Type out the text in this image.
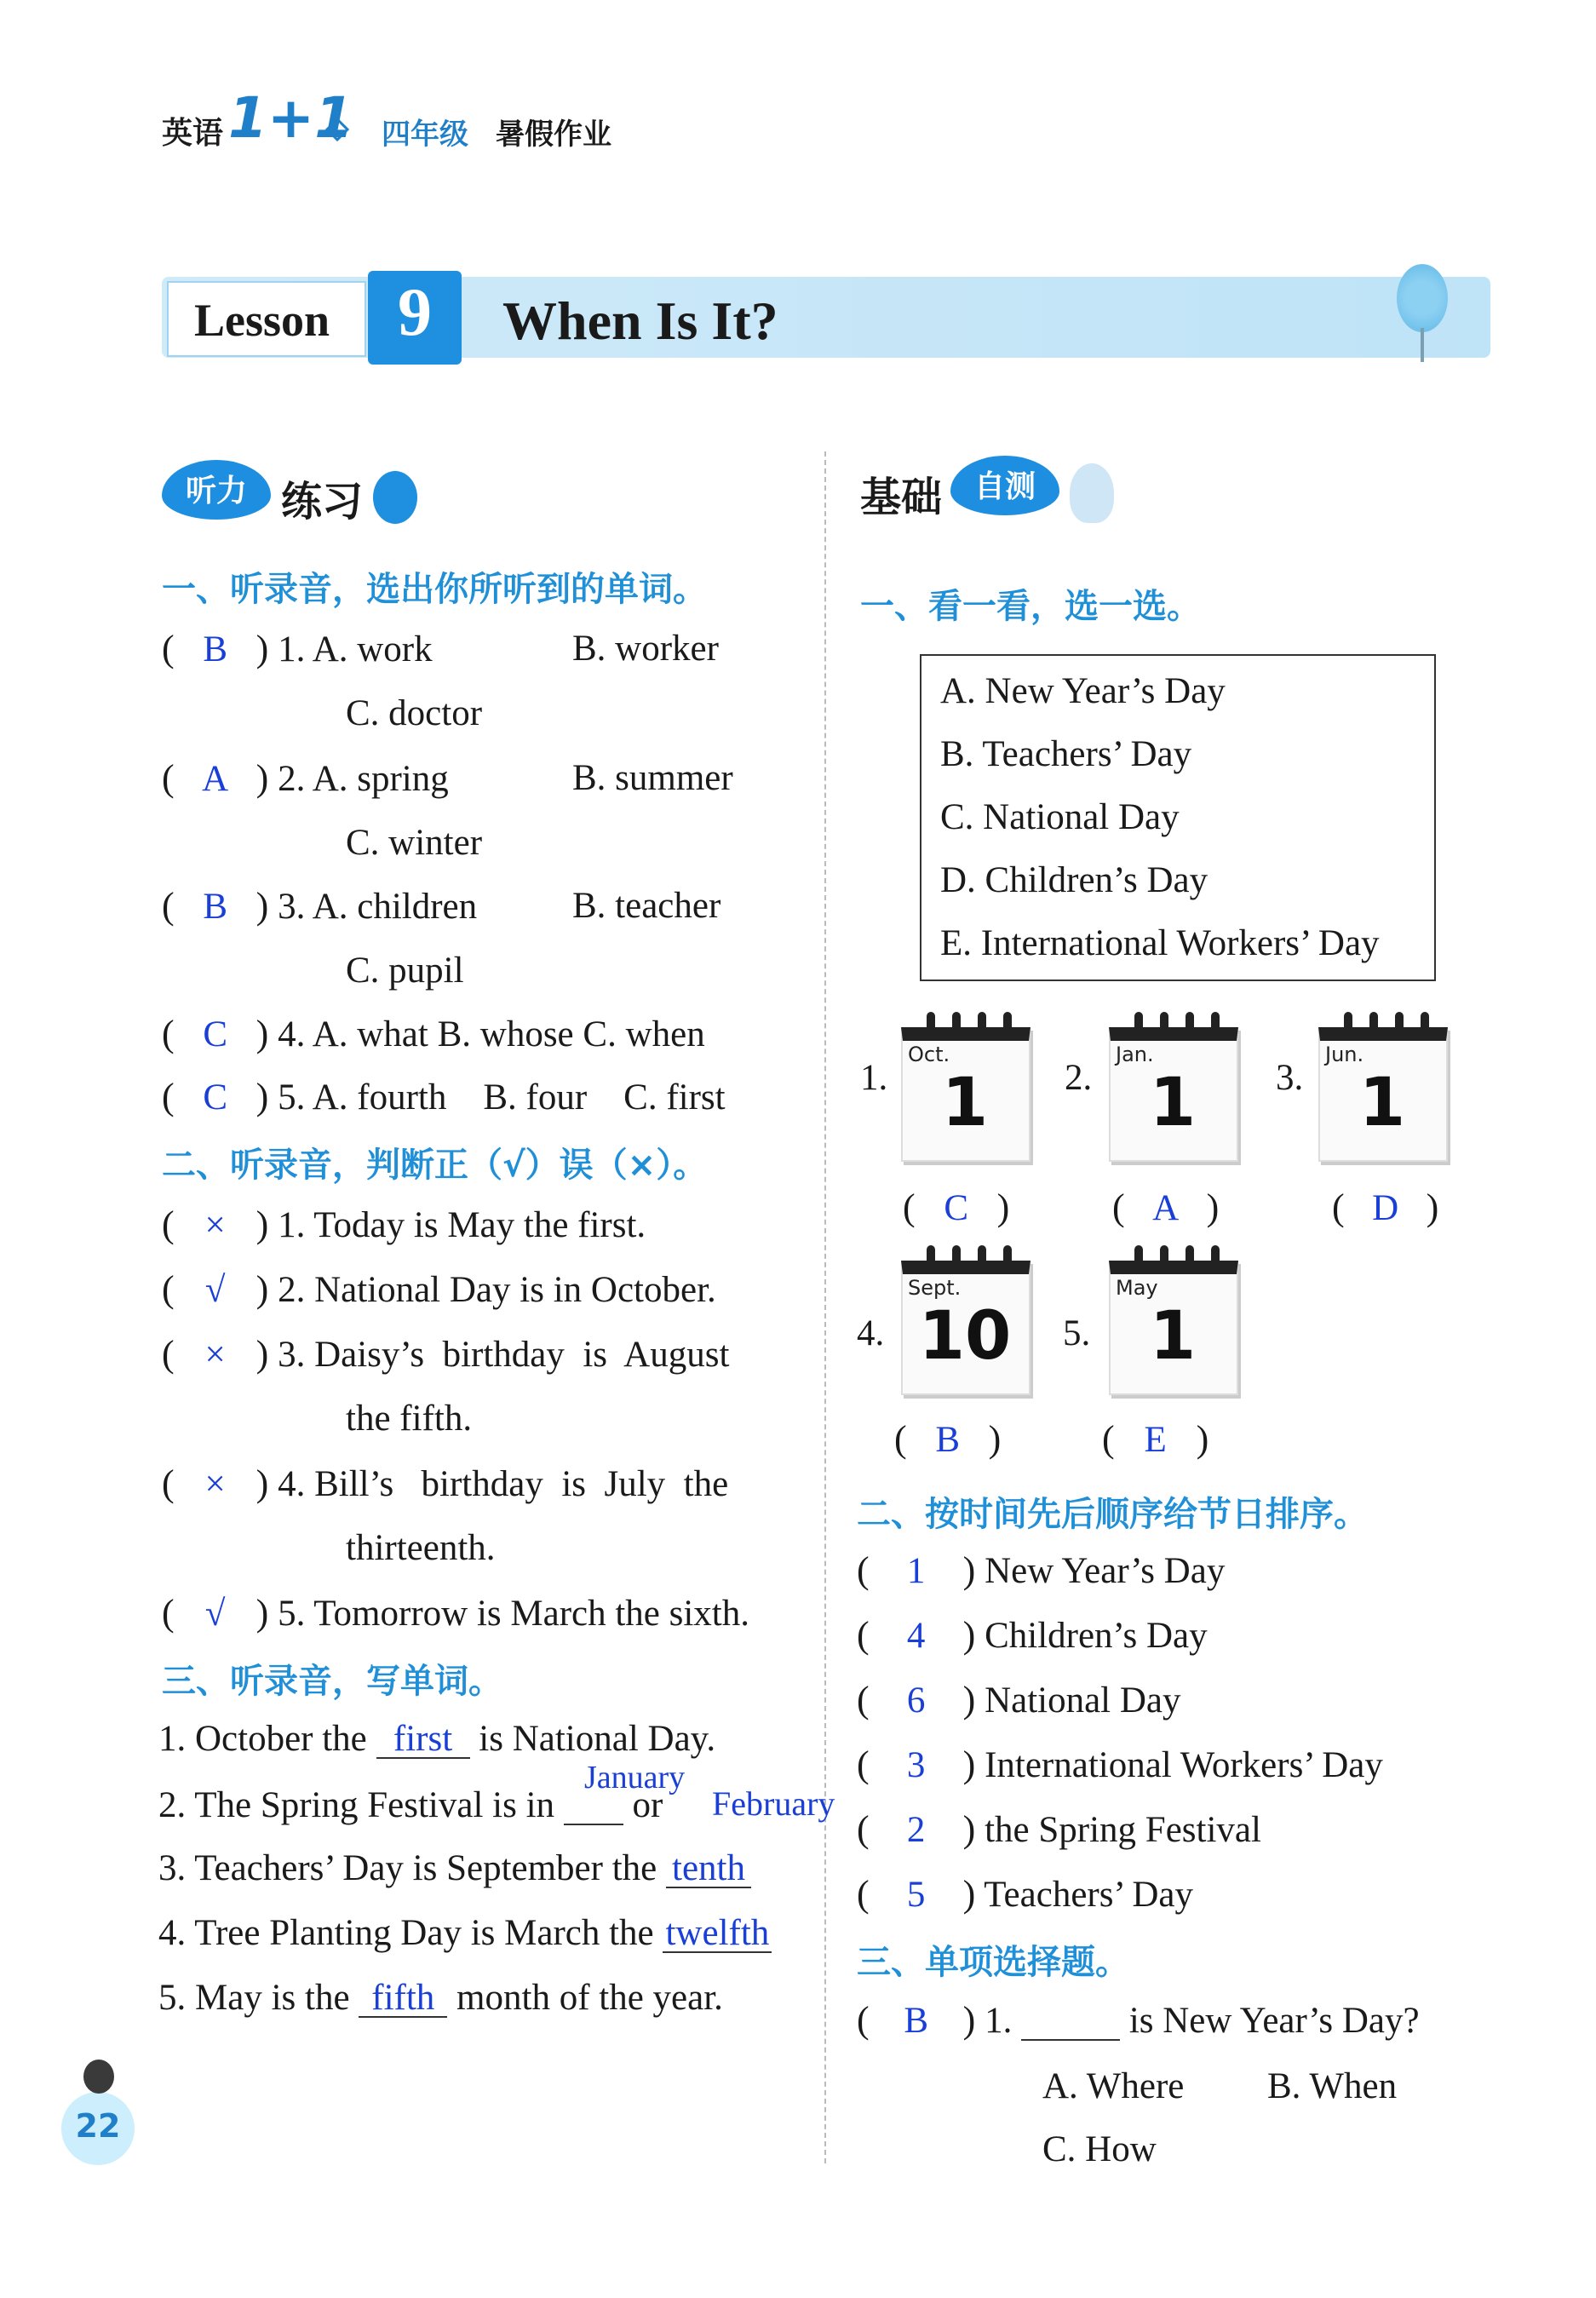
英语 1+1 四年级 暑假作业
Lesson 9	When Is It?
听力 练习
一、听录音，选出你所听到的单词。
( B ) 1. A. work	B. worker
C. doctor
( A ) 2. A. spring	B. summer
C. winter
( B ) 3. A. children	B. teacher
C. pupil
( C ) 4. A. what B. whose C. when
( C ) 5. A. fourth    B. four    C. first
二、听录音，判断正（√）误（×）。
( × ) 1. Today is May the first.
( √ ) 2. National Day is in October.
( × ) 3. Daisy’s  birthday  is  August
the fifth.
( × ) 4. Bill’s   birthday  is  July  the
thirteenth.
( √ ) 5. Tomorrow is March the sixth.
三、听录音，写单词。
1. October the first is National Day.
2. The Spring Festival is in or
January
February
3. Teachers’ Day is September the tenth
4. Tree Planting Day is March the twelfth
5. May is the fifth month of the year.
基础 自测
一、看一看，选一选。
A. New Year’s Day
B. Teachers’ Day
C. National Day
D. Children’s Day
E. International Workers’ Day
1.
Oct.
1	2.
Jan.
1	3.
Jun.
1
( C )	( A )	( D )
4.
Sept.
10	5.
May
1
( B )	( E )
二、按时间先后顺序给节日排序。
( 1 ) New Year’s Day
( 4 ) Children’s Day
( 6 ) National Day
( 3 ) International Workers’ Day
( 2 ) the Spring Festival
( 5 ) Teachers’ Day
三、单项选择题。
( B ) 1.	is New Year’s Day?
A. Where B. When
C. How
22
